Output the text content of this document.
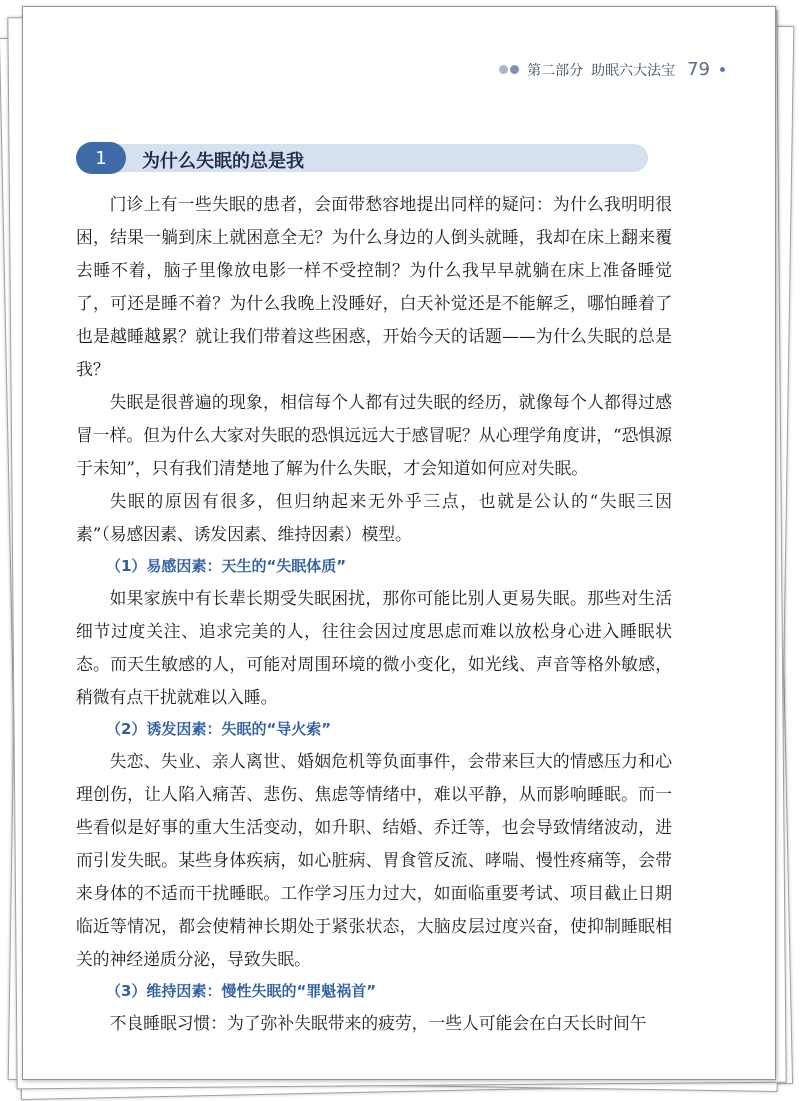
第二部分 助眠六大法宝 79
1	为什么失眠的总是我

门诊上有一些失眠的患者，会面带愁容地提出同样的疑问：为什么我明明很困，结果一躺到床上就困意全无？为什么身边的人倒头就睡，我却在床上翻来覆去睡不着，脑子里像放电影一样不受控制？为什么我早早就躺在床上准备睡觉了，可还是睡不着？为什么我晚上没睡好，白天补觉还是不能解乏，哪怕睡着了也是越睡越累？就让我们带着这些困惑，开始今天的话题——为什么失眠的总是我？

失眠是很普遍的现象，相信每个人都有过失眠的经历，就像每个人都得过感冒一样。但为什么大家对失眠的恐惧远远大于感冒呢？从心理学角度讲，“恐惧源于未知”，只有我们清楚地了解为什么失眠，才会知道如何应对失眠。

失眠的原因有很多，但归纳起来无外乎三点，也就是公认的“失眠三因素”（易感因素、诱发因素、维持因素）模型。

（1）易感因素：天生的“失眠体质”

如果家族中有长辈长期受失眠困扰，那你可能比别人更易失眠。那些对生活细节过度关注、追求完美的人，往往会因过度思虑而难以放松身心进入睡眠状态。而天生敏感的人，可能对周围环境的微小变化，如光线、声音等格外敏感，稍微有点干扰就难以入睡。

（2）诱发因素：失眠的“导火索”

失恋、失业、亲人离世、婚姻危机等负面事件，会带来巨大的情感压力和心理创伤，让人陷入痛苦、悲伤、焦虑等情绪中，难以平静，从而影响睡眠。而一些看似是好事的重大生活变动，如升职、结婚、乔迁等，也会导致情绪波动，进而引发失眠。某些身体疾病，如心脏病、胃食管反流、哮喘、慢性疼痛等，会带来身体的不适而干扰睡眠。工作学习压力过大，如面临重要考试、项目截止日期临近等情况，都会使精神长期处于紧张状态，大脑皮层过度兴奋，使抑制睡眠相关的神经递质分泌，导致失眠。

（3）维持因素：慢性失眠的“罪魁祸首”

不良睡眠习惯：为了弥补失眠带来的疲劳，一些人可能会在白天长时间午
